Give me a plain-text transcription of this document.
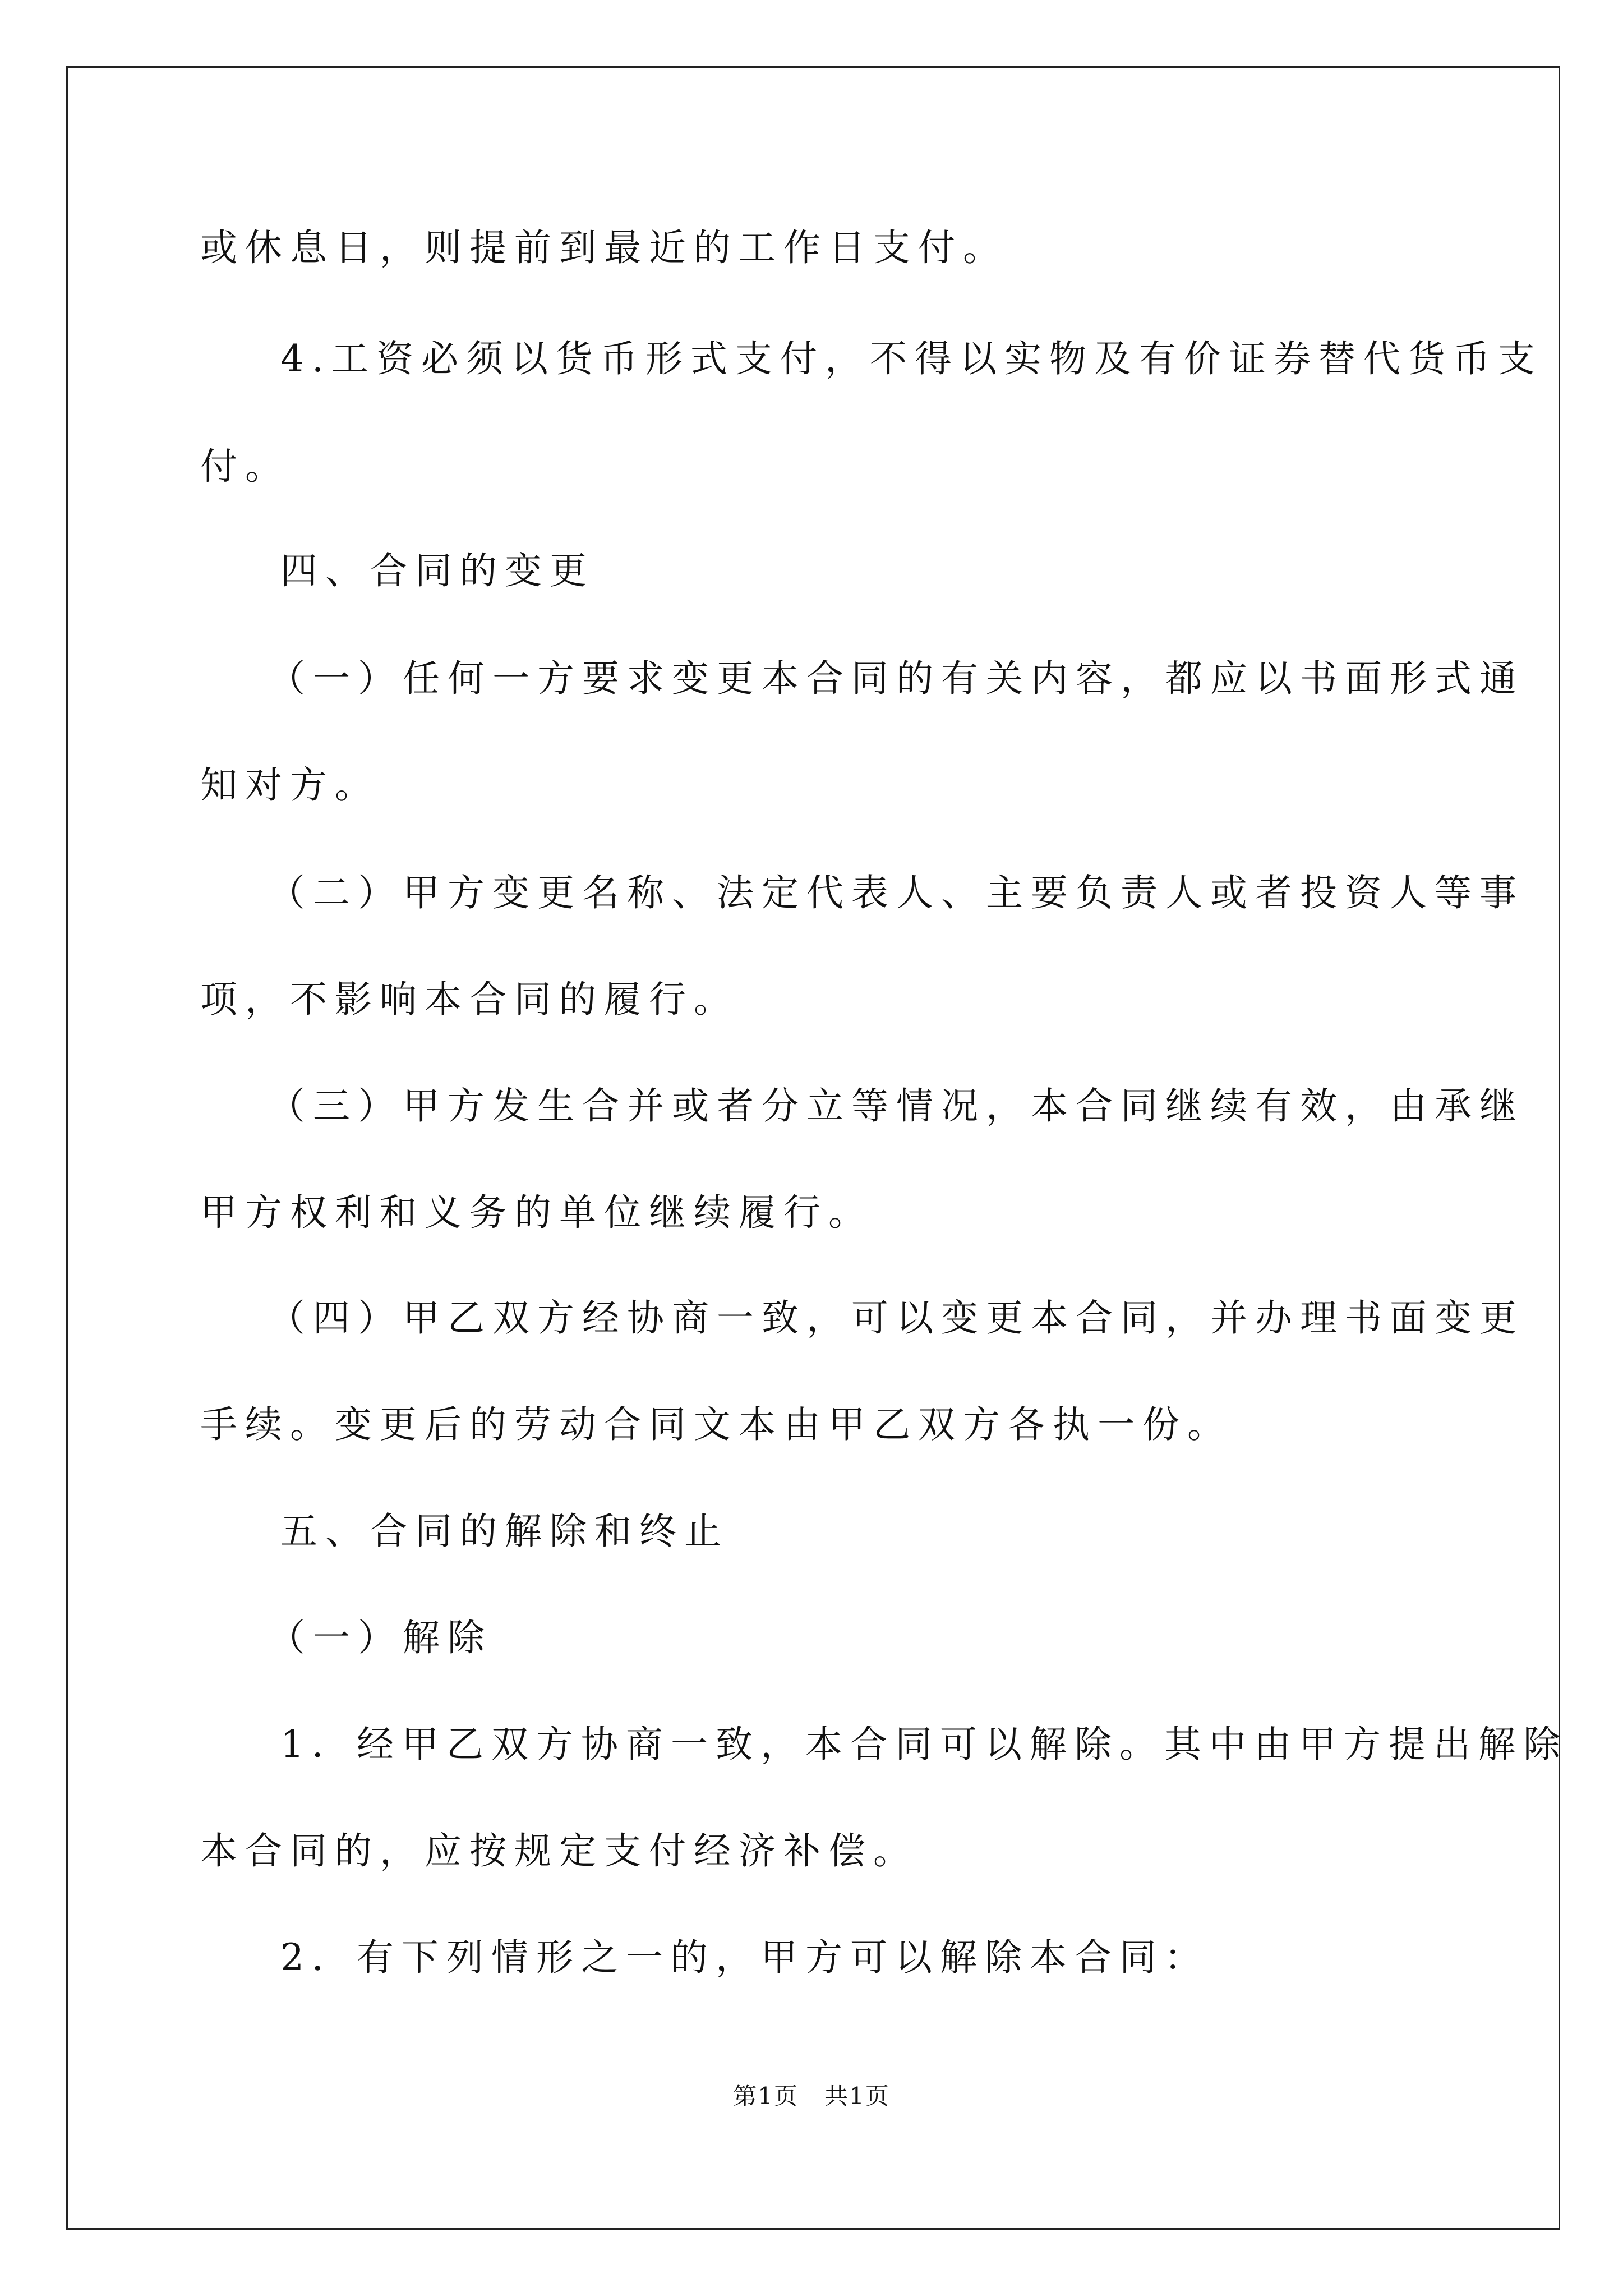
或休息日，则提前到最近的工作日支付。
4.工资必须以货币形式支付，不得以实物及有价证券替代货币支
付。
四、合同的变更
（一）任何一方要求变更本合同的有关内容，都应以书面形式通
知对方。
（二）甲方变更名称、法定代表人、主要负责人或者投资人等事
项，不影响本合同的履行。
（三）甲方发生合并或者分立等情况，本合同继续有效，由承继
甲方权利和义务的单位继续履行。
（四）甲乙双方经协商一致，可以变更本合同，并办理书面变更
手续。变更后的劳动合同文本由甲乙双方各执一份。
五、合同的解除和终止
（一）解除
1．经甲乙双方协商一致，本合同可以解除。其中由甲方提出解除
本合同的，应按规定支付经济补偿。
2．有下列情形之一的，甲方可以解除本合同：
第1页   共1页
